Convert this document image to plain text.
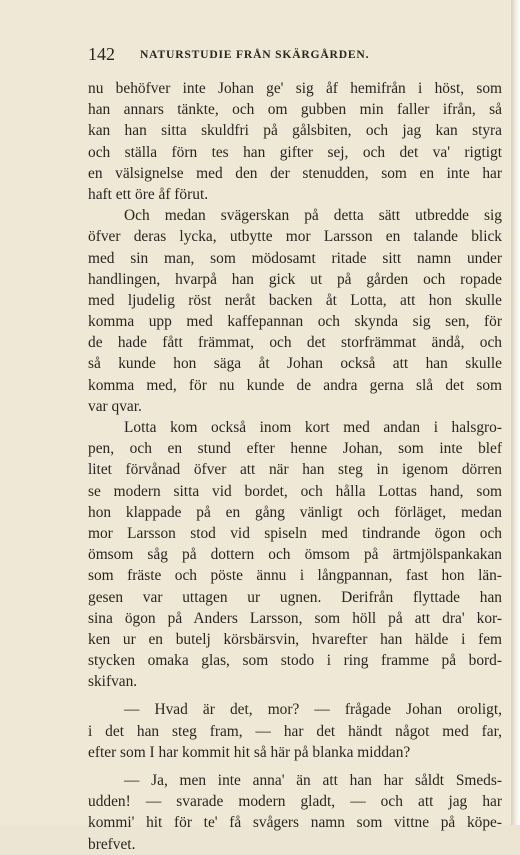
142 NATURSTUDIE FRÅN SKÄRGÅRDEN.
nu behöfver inte Johan ge' sig åf hemifrån i höst, som
han annars tänkte, och om gubben min faller ifrån, så
kan han sitta skuldfri på gålsbiten, och jag kan styra
och ställa förn tes han gifter sej, och det va' rigtigt
en välsignelse med den der stenudden, som en inte har
haft ett öre åf förut.
Och medan svägerskan på detta sätt utbredde sig
öfver deras lycka, utbytte mor Larsson en talande blick
med sin man, som mödosamt ritade sitt namn under
handlingen, hvarpå han gick ut på gården och ropade
med ljudelig röst neråt backen åt Lotta, att hon skulle
komma upp med kaffepannan och skynda sig sen, för
de hade fått främmat, och det storfrämmat ändå, och
så kunde hon säga åt Johan också att han skulle
komma med, för nu kunde de andra gerna slå det som
var qvar.
Lotta kom också inom kort med andan i halsgro-
pen, och en stund efter henne Johan, som inte blef
litet förvånad öfver att när han steg in igenom dörren
se modern sitta vid bordet, och hålla Lottas hand, som
hon klappade på en gång vänligt och förläget, medan
mor Larsson stod vid spiseln med tindrande ögon och
ömsom såg på dottern och ömsom på ärtmjölspankakan
som fräste och pöste ännu i långpannan, fast hon län-
gesen var uttagen ur ugnen. Derifrån flyttade han
sina ögon på Anders Larsson, som höll på att dra' kor-
ken ur en butelj körsbärsvin, hvarefter han hälde i fem
stycken omaka glas, som stodo i ring framme på bord-
skifvan.
— Hvad är det, mor? — frågade Johan oroligt,
i det han steg fram, — har det händt något med far,
efter som I har kommit hit så här på blanka middan?
— Ja, men inte anna' än att han har såldt Smeds-
udden! — svarade modern gladt, — och att jag har
kommi' hit för te' få svågers namn som vittne på köpe-
brefvet.
